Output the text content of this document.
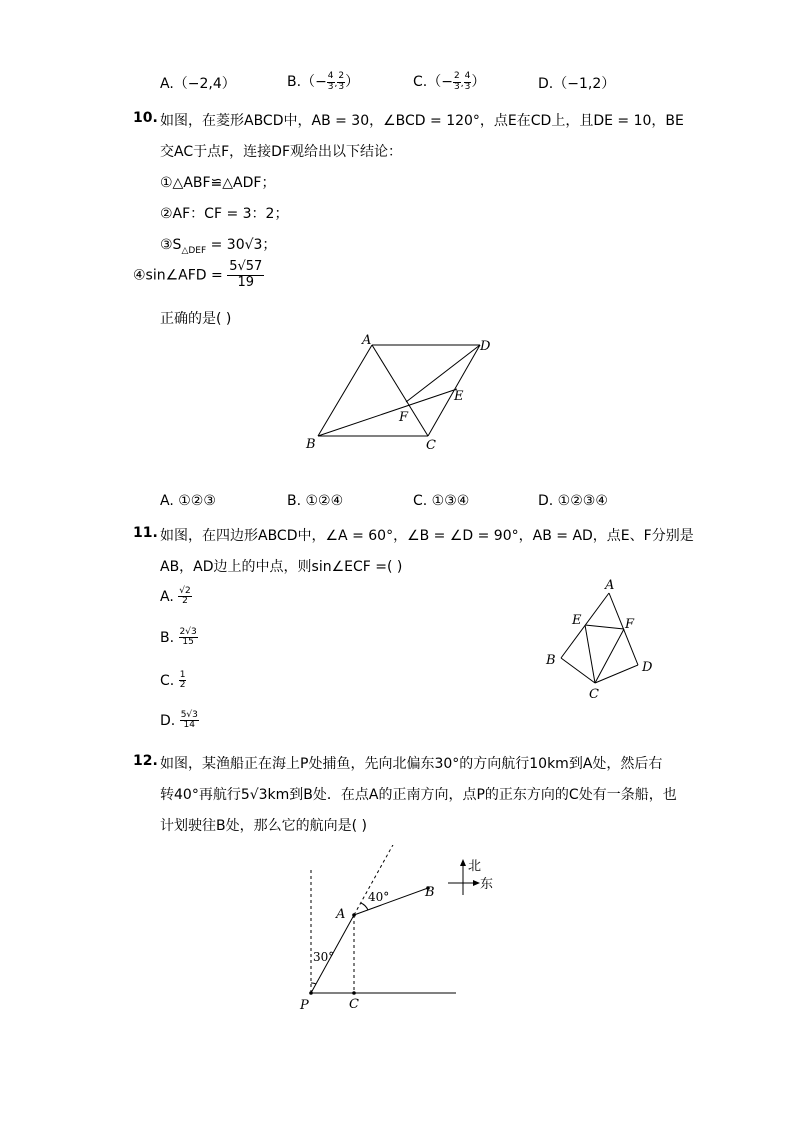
A.（−2,4）	$B.(- \frac{4}{3}$ , $\frac{2}{3}$ ）	$C.(- \frac{2}{3}$ , $\frac{4}{3}$ ）	D.（−1,2）
10. 如图，在菱形ABCD中，AB = 30，∠BCD = 120°，点E在CD上，且DE = 10，BE
交AC于点F，连接DF观给出以下结论：
①△ABF≌△ADF；
②AF：CF = 3：2；
$③S_{\triangle DEF} = 30√3$；
④sin∠AFD = $\frac{5√57}{19}$
正确的是( )
A	D
E
F
B	C
A. ①②③	B. ①②④	C. ①③④	D. ①②③④
11. 如图，在四边形ABCD中，∠A = 60°，∠B = ∠D = 90°，AB = AD，点E、F分别是
AB，AD边上的中点，则sin∠ECF =( )
A. $\frac{√2}{2}$
B. $\frac{2√3}{15}$
C. $\frac{1}{2}$
D. $\frac{5√3}{14}$
A
E	F
B	D
C
12. 如图，某渔船正在海上P处捕鱼，先向北偏东30°的方向航行10km到A处，然后右
转40°再航行5√3km到B处．在点A的正南方向，点P的正东方向的C处有一条船，也
计划驶往B处，那么它的航向是( )
P	C
A
B
30°
40°
北
东
